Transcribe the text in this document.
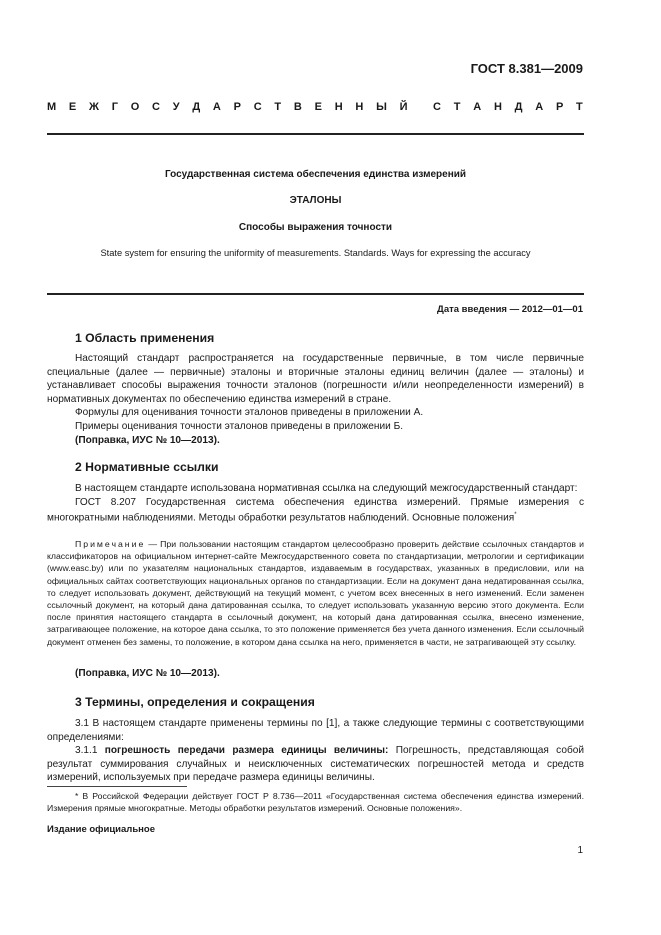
ГОСТ 8.381—2009
М Е Ж Г О С У Д А Р С Т В Е Н Н Ы Й С Т А Н Д А Р Т
Государственная система обеспечения единства измерений
ЭТАЛОНЫ
Способы выражения точности
State system for ensuring the uniformity of measurements. Standards. Ways for expressing the accuracy
Дата введения — 2012—01—01
1 Область применения

Настоящий стандарт распространяется на государственные первичные, в том числе первичные специальные (далее — первичные) эталоны и вторичные эталоны единиц величин (далее — эталоны) и устанавливает способы выражения точности эталонов (погрешности и/или неопределенности измерений) в нормативных документах по обеспечению единства измерений в стране.

Формулы для оценивания точности эталонов приведены в приложении А.

Примеры оценивания точности эталонов приведены в приложении Б.

(Поправка, ИУС № 10—2013).

2 Нормативные ссылки

В настоящем стандарте использована нормативная ссылка на следующий межгосударственный стандарт:

ГОСТ 8.207 Государственная система обеспечения единства измерений. Прямые измерения с многократными наблюдениями. Методы обработки результатов наблюдений. Основные положения*

Примечание — При пользовании настоящим стандартом целесообразно проверить действие ссылочных стандартов и классификаторов на официальном интернет-сайте Межгосударственного совета по стандартизации, метрологии и сертификации (www.easc.by) или по указателям национальных стандартов, издаваемым в государствах, указанных в предисловии, или на официальных сайтах соответствующих национальных органов по стандартизации. Если на документ дана недатированная ссылка, то следует использовать документ, действующий на текущий момент, с учетом всех внесенных в него изменений. Если заменен ссылочный документ, на который дана датированная ссылка, то следует использовать указанную версию этого документа. Если после принятия настоящего стандарта в ссылочный документ, на который дана датированная ссылка, внесено изменение, затрагивающее положение, на которое дана ссылка, то это положение применяется без учета данного изменения. Если ссылочный документ отменен без замены, то положение, в котором дана ссылка на него, применяется в части, не затрагивающей эту ссылку.

(Поправка, ИУС № 10—2013).

3 Термины, определения и сокращения

3.1 В настоящем стандарте применены термины по [1], а также следующие термины с соответствующими определениями:

3.1.1 погрешность передачи размера единицы величины: Погрешность, представляющая собой результат суммирования случайных и неисключенных систематических погрешностей метода и средств измерений, используемых при передаче размера единицы величины.

* В Российской Федерации действует ГОСТ Р 8.736—2011 «Государственная система обеспечения единства измерений. Измерения прямые многократные. Методы обработки результатов измерений. Основные положения».

Издание официальное
1
